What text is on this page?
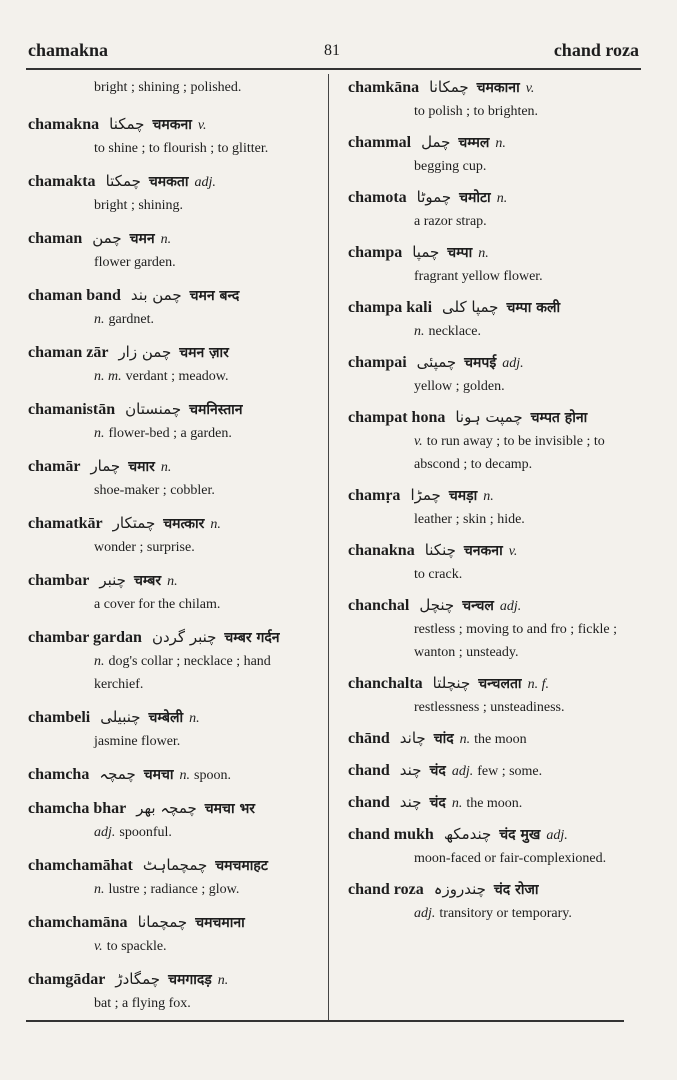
chamakna	81	chand roza

bright ; shining ; polished.

chamakna چمکنا चमकना v.
to shine ; to flourish ; to glitter.

chamakta چمکتا चमकता adj.
bright ; shining.

chaman چمن चमन n.
flower garden.

chaman band چمن بند चमन बन्द
n. gardnet.

chaman zār چمن زار चमन ज़ार
n. m. verdant ; meadow.

chamanistān چمنستان चमनिस्तान
n. flower-bed ; a garden.

chamār چمار चमार n.
shoe-maker ; cobbler.

chamatkār چمتکار चमत्कार n.
wonder ; surprise.

chambar چنبر चम्बर n.
a cover for the chilam.

chambar gardan چنبر گردن चम्बर गर्दन
n. dog's collar ; necklace ; hand kerchief.

chambeli چنبیلی चम्बेली n.
jasmine flower.

chamcha چمچہ चमचा n. spoon.

chamcha bhar چمچہ بھر चमचा भर
adj. spoonful.

chamchamāhat چمچماہٹ चमचमाहट
n. lustre ; radiance ; glow.

chamchamāna چمچمانا चमचमाना
v. to spackle.

chamgādar چمگادڑ चमगादड़ n.
bat ; a flying fox.

chamkāna چمکانا चमकाना v.
to polish ; to brighten.

chammal چمل चम्मल n.
begging cup.

chamota چموٹا चमोटा n.
a razor strap.

champa چمپا चम्पा n.
fragrant yellow flower.

champa kali چمپا کلی चम्पा कली
n. necklace.

champai چمپئی चमपई adj.
yellow ; golden.

champat hona چمپت ہونا चम्पत होना
v. to run away ; to be invisible ; to abscond ; to decamp.

chamṛa چمڑا चमड़ा n.
leather ; skin ; hide.

chanakna چنکنا चनकना v.
to crack.

chanchal چنچل चन्चल adj.
restless ; moving to and fro ; fickle ; wanton ; unsteady.

chanchalta چنچلتا चन्चलता n. f.
restlessness ; unsteadiness.

chānd چاند चांद n. the moon

chand چند चंद adj. few ; some.

chand چند चंद n. the moon.

chand mukh چندمکھ चंद मुख adj.
moon-faced or fair-complexioned.

chand roza چندروزہ चंद रोजा
adj. transitory or temporary.
